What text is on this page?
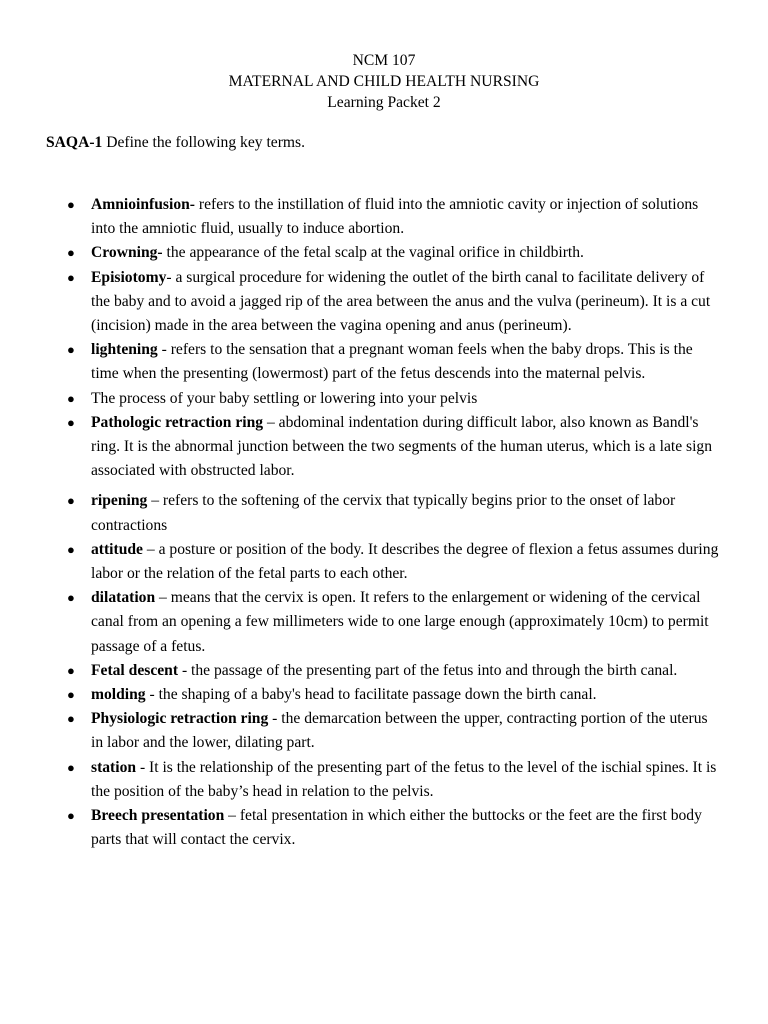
NCM 107
MATERNAL AND CHILD HEALTH NURSING
Learning Packet 2
SAQA-1 Define the following key terms.
● Amnioinfusion- refers to the instillation of fluid into the amniotic cavity or injection of solutions into the amniotic fluid, usually to induce abortion.
● Crowning- the appearance of the fetal scalp at the vaginal orifice in childbirth.
● Episiotomy- a surgical procedure for widening the outlet of the birth canal to facilitate delivery of the baby and to avoid a jagged rip of the area between the anus and the vulva (perineum). It is a cut (incision) made in the area between the vagina opening and anus (perineum).
● lightening - refers to the sensation that a pregnant woman feels when the baby drops. This is the time when the presenting (lowermost) part of the fetus descends into the maternal pelvis.
● The process of your baby settling or lowering into your pelvis
● Pathologic retraction ring – abdominal indentation during difficult labor, also known as Bandl's ring. It is the abnormal junction between the two segments of the human uterus, which is a late sign associated with obstructed labor.
● ripening – refers to the softening of the cervix that typically begins prior to the onset of labor contractions
● attitude – a posture or position of the body. It describes the degree of flexion a fetus assumes during labor or the relation of the fetal parts to each other.
● dilatation – means that the cervix is open. It refers to the enlargement or widening of the cervical canal from an opening a few millimeters wide to one large enough (approximately 10cm) to permit passage of a fetus.
● Fetal descent - the passage of the presenting part of the fetus into and through the birth canal.
● molding - the shaping of a baby's head to facilitate passage down the birth canal.
● Physiologic retraction ring - the demarcation between the upper, contracting portion of the uterus in labor and the lower, dilating part.
● station - It is the relationship of the presenting part of the fetus to the level of the ischial spines. It is the position of the baby’s head in relation to the pelvis.
● Breech presentation – fetal presentation in which either the buttocks or the feet are the first body parts that will contact the cervix.
